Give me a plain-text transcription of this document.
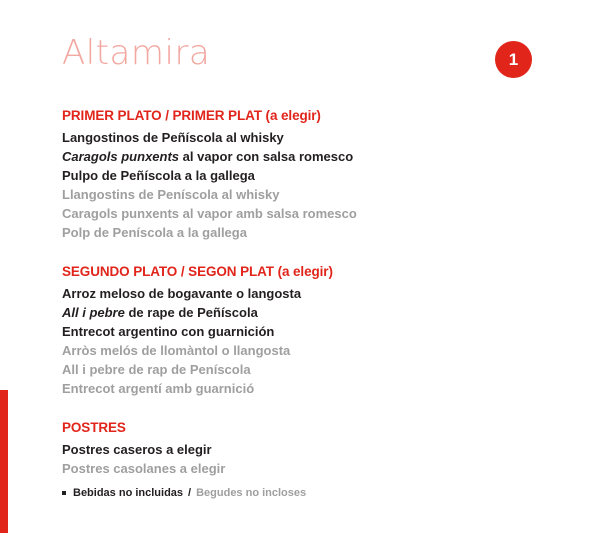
Altamira	1
PRIMER PLATO / PRIMER PLAT (a elegir)
Langostinos de Peñíscola al whisky
Caragols punxents al vapor con salsa romesco
Pulpo de Peñíscola a la gallega
Llangostins de Peníscola al whisky
Caragols punxents al vapor amb salsa romesco
Polp de Peníscola a la gallega
SEGUNDO PLATO / SEGON PLAT (a elegir)
Arroz meloso de bogavante o langosta
All i pebre de rape de Peñíscola
Entrecot argentino con guarnición
Arròs melós de llomàntol o llangosta
All i pebre de rap de Peníscola
Entrecot argentí amb guarnició
POSTRES
Postres caseros a elegir
Postres casolanes a elegir
Bebidas no incluidas / Begudes no incloses
